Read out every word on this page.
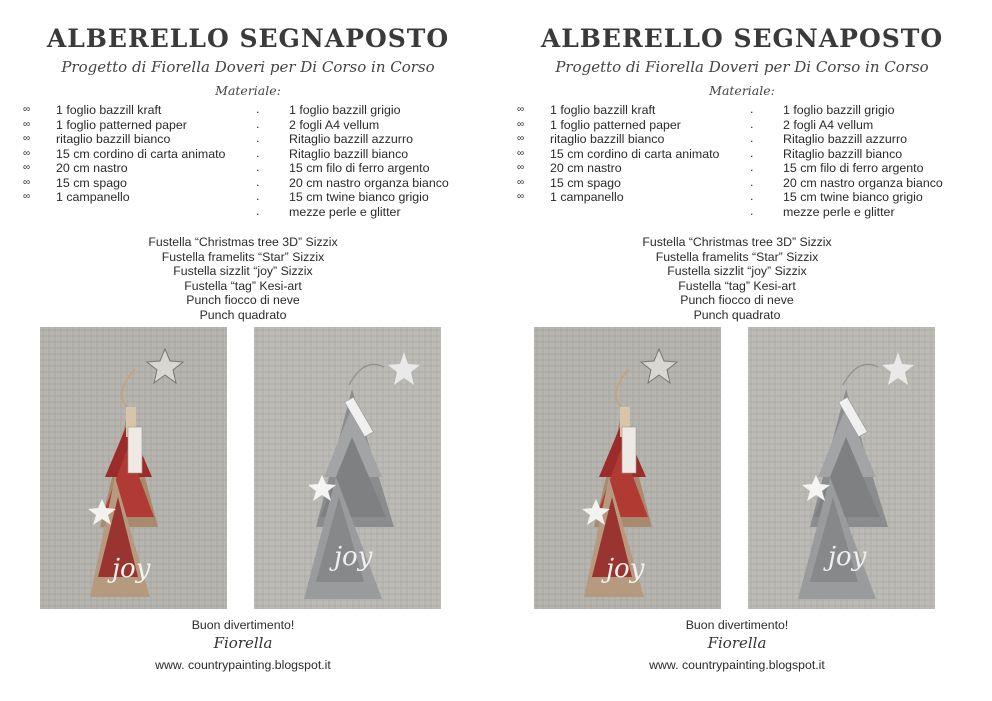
ALBERELLO SEGNAPOSTO
Progetto di Fiorella Doveri per Di Corso in Corso
Materiale:
∞ 1 foglio bazzill kraft
∞ 1 foglio patterned paper
∞ ritaglio bazzill bianco
∞ 15 cm cordino di carta animato
∞ 20 cm nastro
∞ 15 cm spago
∞ 1 campanello
. 1 foglio bazzill grigio
. 2 fogli A4 vellum
. Ritaglio bazzill azzurro
. Ritaglio bazzill bianco
. 15 cm filo di ferro argento
. 20 cm nastro organza bianco
. 15 cm twine bianco grigio
. mezze perle e glitter
Fustella “Christmas tree 3D” Sizzix
Fustella framelits “Star” Sizzix
Fustella sizzlit “joy” Sizzix
Fustella “tag” Kesi-art
Punch fiocco di neve
Punch quadrato
joy	joy
Buon divertimento!
Fiorella
www. countrypainting.blogspot.it
ALBERELLO SEGNAPOSTO
Progetto di Fiorella Doveri per Di Corso in Corso
Materiale:
∞ 1 foglio bazzill kraft
∞ 1 foglio patterned paper
∞ ritaglio bazzill bianco
∞ 15 cm cordino di carta animato
∞ 20 cm nastro
∞ 15 cm spago
∞ 1 campanello
. 1 foglio bazzill grigio
. 2 fogli A4 vellum
. Ritaglio bazzill azzurro
. Ritaglio bazzill bianco
. 15 cm filo di ferro argento
. 20 cm nastro organza bianco
. 15 cm twine bianco grigio
. mezze perle e glitter
Fustella “Christmas tree 3D” Sizzix
Fustella framelits “Star” Sizzix
Fustella sizzlit “joy” Sizzix
Fustella “tag” Kesi-art
Punch fiocco di neve
Punch quadrato
joy	joy
Buon divertimento!
Fiorella
www. countrypainting.blogspot.it
